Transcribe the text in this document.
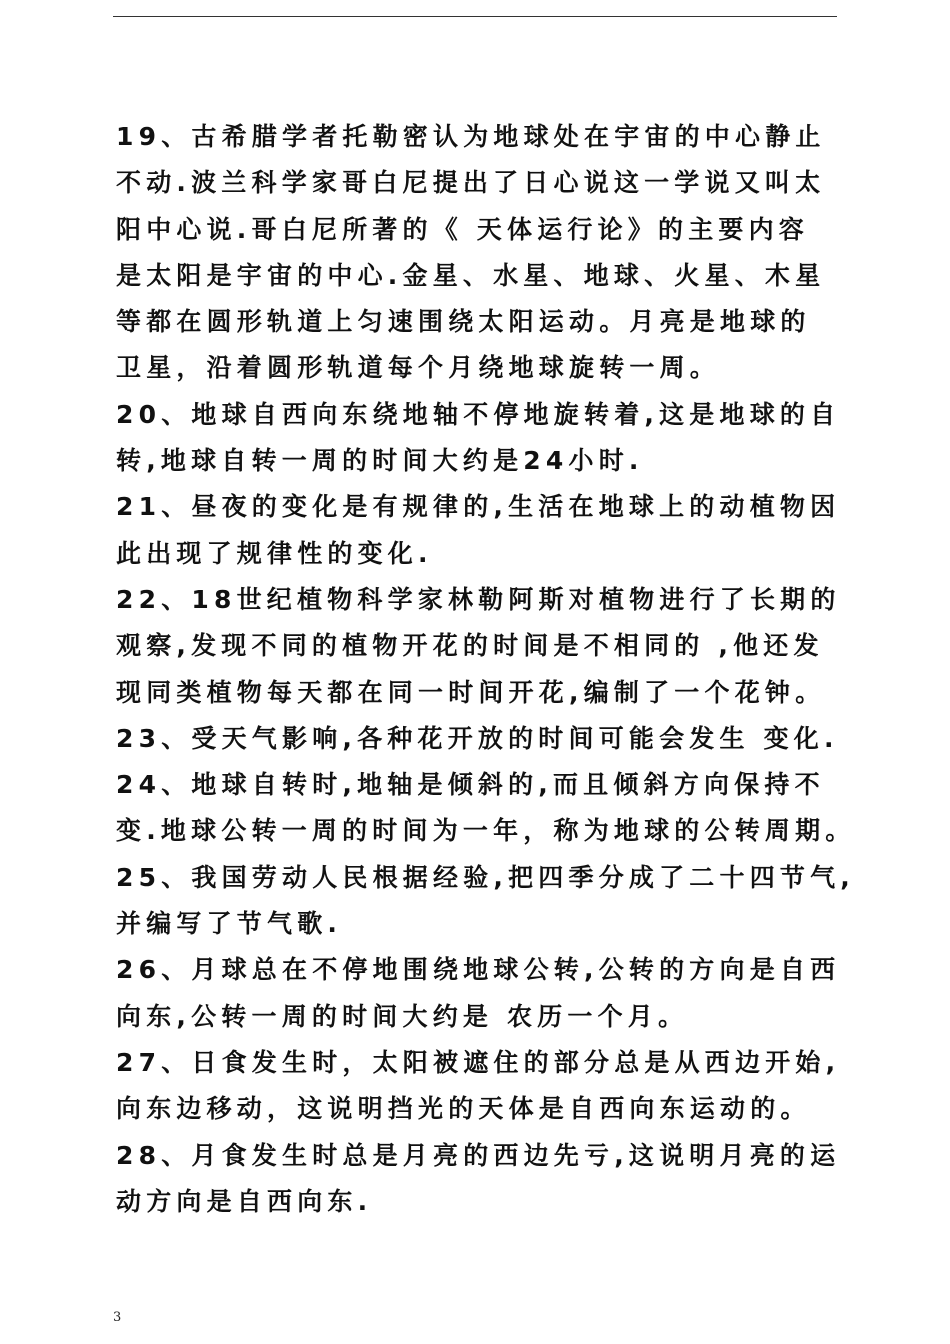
19、古希腊学者托勒密认为地球处在宇宙的中心静止
不动.波兰科学家哥白尼提出了日心说这一学说又叫太
阳中心说.哥白尼所著的《 天体运行论》的主要内容
是太阳是宇宙的中心.金星、水星、地球、火星、木星
等都在圆形轨道上匀速围绕太阳运动。月亮是地球的
卫星，沿着圆形轨道每个月绕地球旋转一周。
20、地球自西向东绕地轴不停地旋转着,这是地球的自
转,地球自转一周的时间大约是24小时.
21、昼夜的变化是有规律的,生活在地球上的动植物因
此出现了规律性的变化.
22、18世纪植物科学家林勒阿斯对植物进行了长期的
观察,发现不同的植物开花的时间是不相同的 ,他还发
现同类植物每天都在同一时间开花,编制了一个花钟。
23、受天气影响,各种花开放的时间可能会发生 变化.
24、地球自转时,地轴是倾斜的,而且倾斜方向保持不
变.地球公转一周的时间为一年，称为地球的公转周期。
25、我国劳动人民根据经验,把四季分成了二十四节气,
并编写了节气歌.
26、月球总在不停地围绕地球公转,公转的方向是自西
向东,公转一周的时间大约是 农历一个月。
27、日食发生时，太阳被遮住的部分总是从西边开始,
向东边移动，这说明挡光的天体是自西向东运动的。
28、月食发生时总是月亮的西边先亏,这说明月亮的运
动方向是自西向东.
3
